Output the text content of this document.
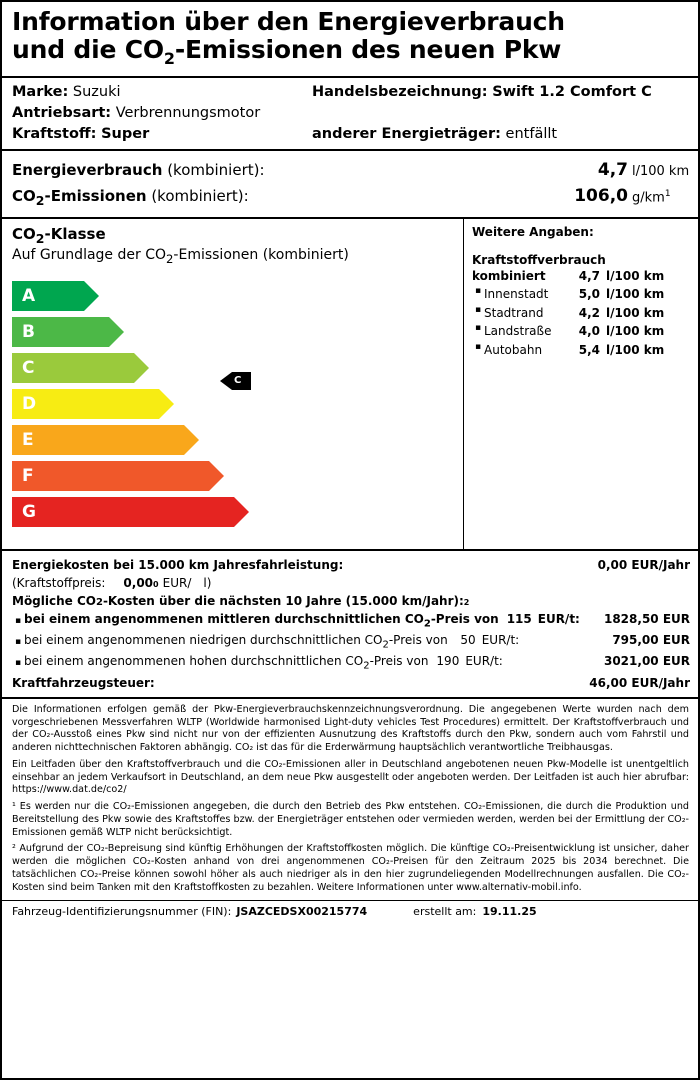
Information über den Energieverbrauch
und die $CO_2$-Emissionen des neuen Pkw
Marke: Suzuki	Handelsbezeichnung: Swift 1.2 Comfort C
Antriebsart: Verbrennungsmotor
Kraftstoff: Super	anderer Energieträger: entfällt
Energieverbrauch (kombiniert):	4,7 l/100 km
$CO_2$-Emissionen (kombiniert):	106,0 $g/km^1$
$CO_2$-Klasse
Auf Grundlage der $CO_2$-Emissionen (kombiniert)
A
B
C
D
E
F
G
C
Weitere Angaben:
Kraftstoffverbrauch
kombiniert	4,7 l/100 km
▪ Innenstadt	5,0 l/100 km
▪ Stadtrand	4,2 l/100 km
▪ Landstraße	4,0 l/100 km
▪ Autobahn	5,4 l/100 km
Energiekosten bei 15.000 km Jahresfahrleistung:	0,00 EUR/Jahr
(Kraftstoffpreis:	0,00 0 EUR/	l)
Mögliche CO 2 -Kosten über die nächsten 10 Jahre (15.000 km/Jahr): 2
▪ bei einem angenommenen mittleren durchschnittlichen $CO_2$-Preis von 115 EUR/t: 1828,50 EUR
▪ bei einem angenommenen niedrigen durchschnittlichen $CO_2$-Preis von	50 EUR/t:	795,00 EUR
▪ bei einem angenommenen hohen durchschnittlichen $CO_2$-Preis von 190 EUR/t:	3021,00 EUR
Kraftfahrzeugsteuer:	46,00 EUR/Jahr

Die Informationen erfolgen gemäß der Pkw-Energieverbrauchskennzeichnungsverordnung. Die angegebenen Werte wurden nach dem vorgeschriebenen Messverfahren WLTP (Worldwide harmonised Light-duty vehicles Test Procedures) ermittelt. Der Kraftstoffverbrauch und der CO₂-Ausstoß eines Pkw sind nicht nur von der effizienten Ausnutzung des Kraftstoffs durch den Pkw, sondern auch vom Fahrstil und anderen nichttechnischen Faktoren abhängig. CO₂ ist das für die Erderwärmung hauptsächlich verantwortliche Treibhausgas.

Ein Leitfaden über den Kraftstoffverbrauch und die CO₂-Emissionen aller in Deutschland angebotenen neuen Pkw-Modelle ist unentgeltlich einsehbar an jedem Verkaufsort in Deutschland, an dem neue Pkw ausgestellt oder angeboten werden. Der Leitfaden ist auch hier abrufbar: https://www.dat.de/co2/

¹ Es werden nur die CO₂-Emissionen angegeben, die durch den Betrieb des Pkw entstehen. CO₂-Emissionen, die durch die Produktion und Bereitstellung des Pkw sowie des Kraftstoffes bzw. der Energieträger entstehen oder vermieden werden, werden bei der Ermittlung der CO₂-Emissionen gemäß WLTP nicht berücksichtigt.

² Aufgrund der CO₂-Bepreisung sind künftig Erhöhungen der Kraftstoffkosten möglich. Die künftige CO₂-Preisentwicklung ist unsicher, daher werden die möglichen CO₂-Kosten anhand von drei angenommenen CO₂-Preisen für den Zeitraum 2025 bis 2034 berechnet. Die tatsächlichen CO₂-Preise können sowohl höher als auch niedriger als in den hier zugrundeliegenden Modellrechnungen ausfallen. Die CO₂-Kosten sind beim Tanken mit den Kraftstoffkosten zu bezahlen. Weitere Informationen unter www.alternativ-mobil.info.

Fahrzeug-Identifizierungsnummer (FIN): JSAZCEDSX00215774	erstellt am: 19.11.25
